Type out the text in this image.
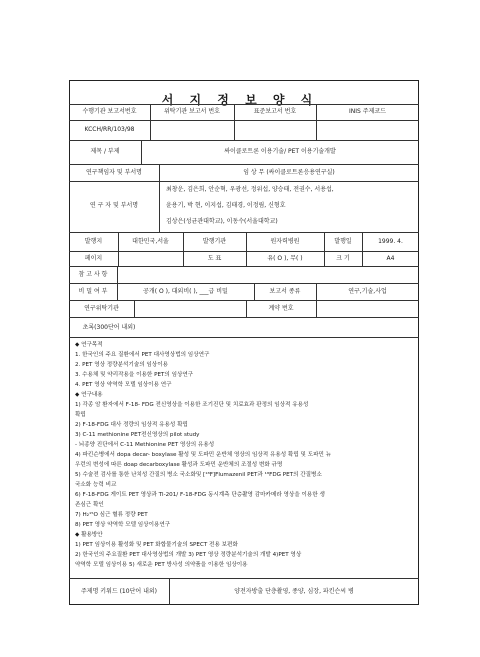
서 지 정 보 양 식
수행기관 보고서번호	위탁기관 보고서 번호	표준보고서 번호	INIS 주제코드
KCCH/RR/103/98
제목 / 부제	싸이클로트론 이용기술/ PET 이용기술개발
연구책임자 및 부서명	임 상 무 (싸이클로트론응용연구실)
연 구 자 및 부서명
최창운, 김은희, 안순혁, 우광선, 정위섭, 양승태, 전권수, 서용섭,
윤용기, 박 현, 이지섭, 김태경, 이정림, 신형호
김상은(성균관대학교), 이동수(서울대학교)
발행지	대한민국,서울	발행기관	원자력병원	발행일	1999. 4.
페이지	도 표	유( O ), 무( )	크 기	A4
참 고 사 항
비 밀 여 부	공개( O ), 대외비( ), ___급 비밀	보고서 종류	연구,기술,사업
연구위탁기관	계약 번호
초록(300단어 내외)
◆ 연구목적
1. 한국인의 주요 질환에서 PET 대사영상법의 임상연구
2. PET 영상 정량분석기술의 임상이용
3. 수용체 및 약리작용을 이용한 PET의 임상연구
4. PET 영상 약역학 모델 임상이용 연구
◆ 연구내용
1) 각종 암 환자에서 F-18- FDG 전신영상을 이용한 조기진단 및 치료효과 판정의 임상적 유용성
확립
2) F-18-FDG 대사 정량의 임상적 유용성 확립
3) C-11 methionine PET전신영상의 pilot study
- 뇌종양 진단에서 C-11 Methionine PET 영상의 유용성
4) 파킨슨병에서 dopa decar- boxylase 활성 및 도파민 운반체 영상의 임상적 유용성 확립 및 도파민 뉴
우런의 변성에 따른 doap decarboxylase 활성과 도파민 운반체의 조절성 변화 규명
5) 수술전 검사를 통한 난치성 간질의 병소 국소화및 [¹⁸F]Flumazenil PET과 ¹⁸FDG PET의 간질병소
국소화 능력 비교
6) F-18-FDG 게이트 PET 영상과 Tl-201/ F-18-FDG 동시계측 단층촬영 감마카메라 영상을 이용한 생
존심근 확인
7) H₂¹⁵O 심근 혈류 정량 PET
8) PET 영상 약역학 모델 임상이용연구
◆ 활용방안
1) PET 임상이용 활성화 및 PET 화합물기술의 SPECT 전용 보편화
2) 한국인의 주요질환 PET 대사영상법의 개발 3) PET 영상 정량분석기술의 개발 4)PET 영상
약역학 모델 임상이용 5) 새로운 PET 방사성 의약품을 이용한 임상이용
주제명 키워드 (10단어 내외)	양전자방출 단층촬영, 종양, 심장, 파킨슨씨 병
